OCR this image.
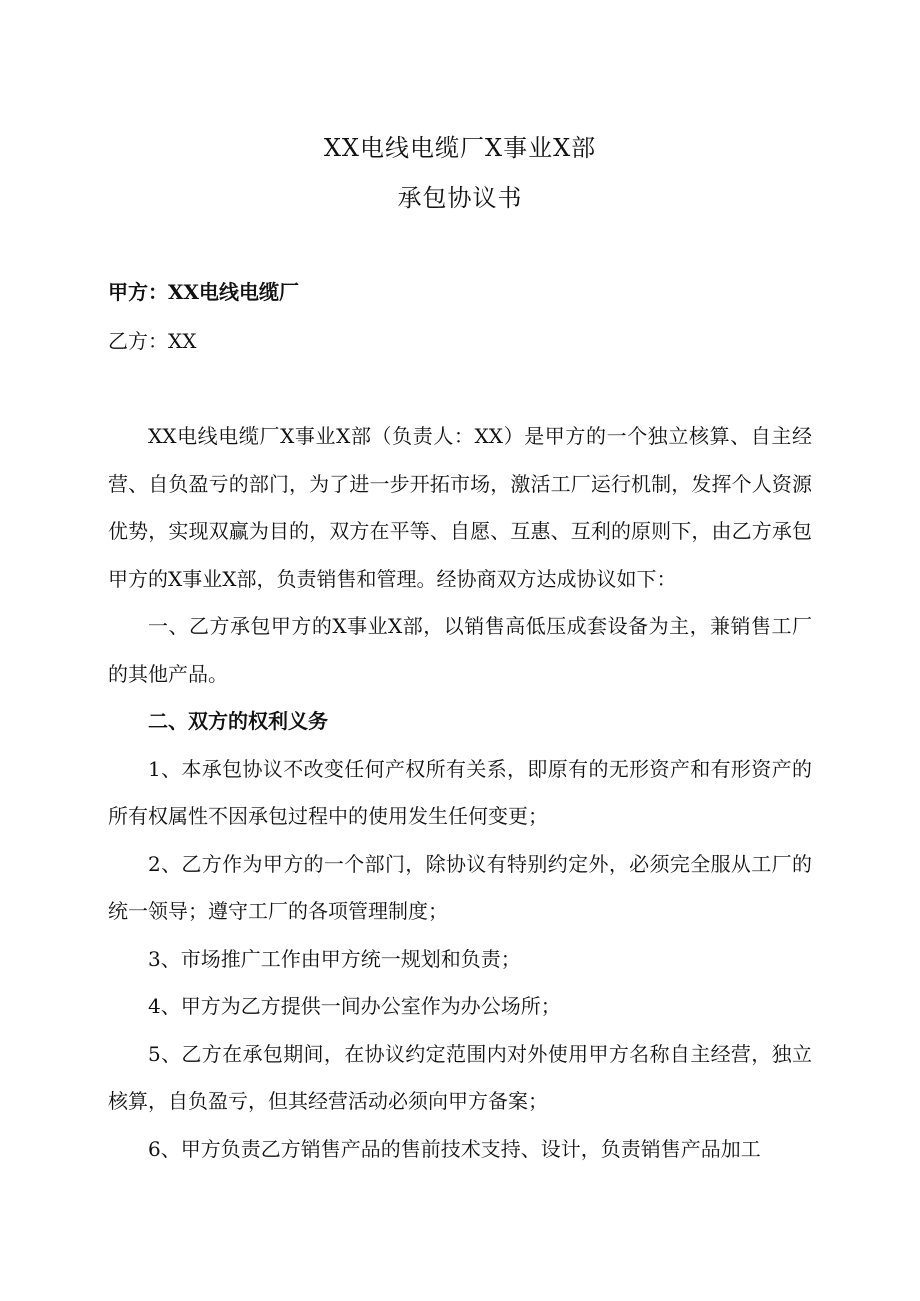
XX电线电缆厂X事业X部
承包协议书
甲方：XX电线电缆厂
乙方：XX

XX电线电缆厂X事业X部（负责人：XX）是甲方的一个独立核算、自主经营、自负盈亏的部门，为了进一步开拓市场，激活工厂运行机制，发挥个人资源优势，实现双赢为目的，双方在平等、自愿、互惠、互利的原则下，由乙方承包甲方的X事业X部，负责销售和管理。经协商双方达成协议如下：

一、乙方承包甲方的X事业X部，以销售高低压成套设备为主，兼销售工厂的其他产品。

二、双方的权利义务

1、本承包协议不改变任何产权所有关系，即原有的无形资产和有形资产的所有权属性不因承包过程中的使用发生任何变更；

2、乙方作为甲方的一个部门，除协议有特别约定外，必须完全服从工厂的统一领导；遵守工厂的各项管理制度；

3、市场推广工作由甲方统一规划和负责；

4、甲方为乙方提供一间办公室作为办公场所；

5、乙方在承包期间，在协议约定范围内对外使用甲方名称自主经营，独立核算，自负盈亏，但其经营活动必须向甲方备案；

6、甲方负责乙方销售产品的售前技术支持、设计，负责销售产品加工
